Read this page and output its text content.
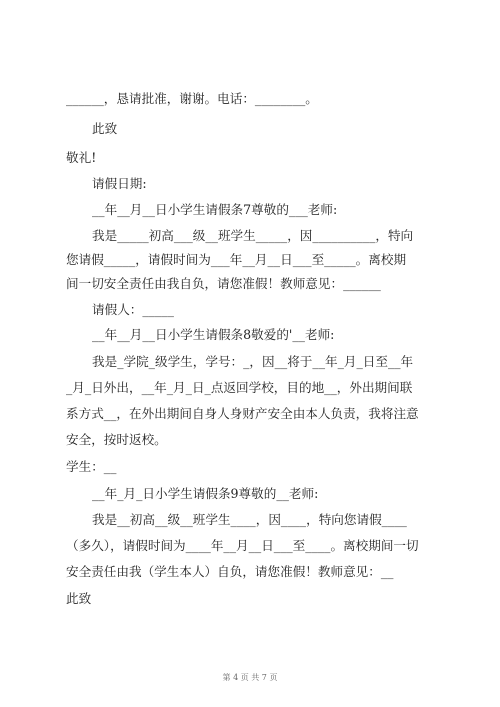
______，恳请批准，谢谢。电话：________。
此致
敬礼!
请假日期:
__年__月__日小学生请假条7尊敬的___老师:
我是_____初高___级__班学生_____，因__________，特向
您请假_____，请假时间为___年__月__日___至_____。离校期
间一切安全责任由我自负，请您准假！教师意见：______
请假人：_____
__年__月__日小学生请假条8敬爱的'__老师:
我是_学院_级学生，学号：_，因__将于__年_月_日至__年
_月_日外出，__年_月_日_点返回学校，目的地__，外出期间联
系方式__，在外出期间自身人身财产安全由本人负责，我将注意
安全，按时返校。
学生：__
__年_月_日小学生请假条9尊敬的__老师:
我是__初高__级__班学生____，因____，特向您请假____
（多久），请假时间为____年__月__日___至____。离校期间一切
安全责任由我（学生本人）自负，请您准假！教师意见：__
此致
第 4 页 共 7 页
